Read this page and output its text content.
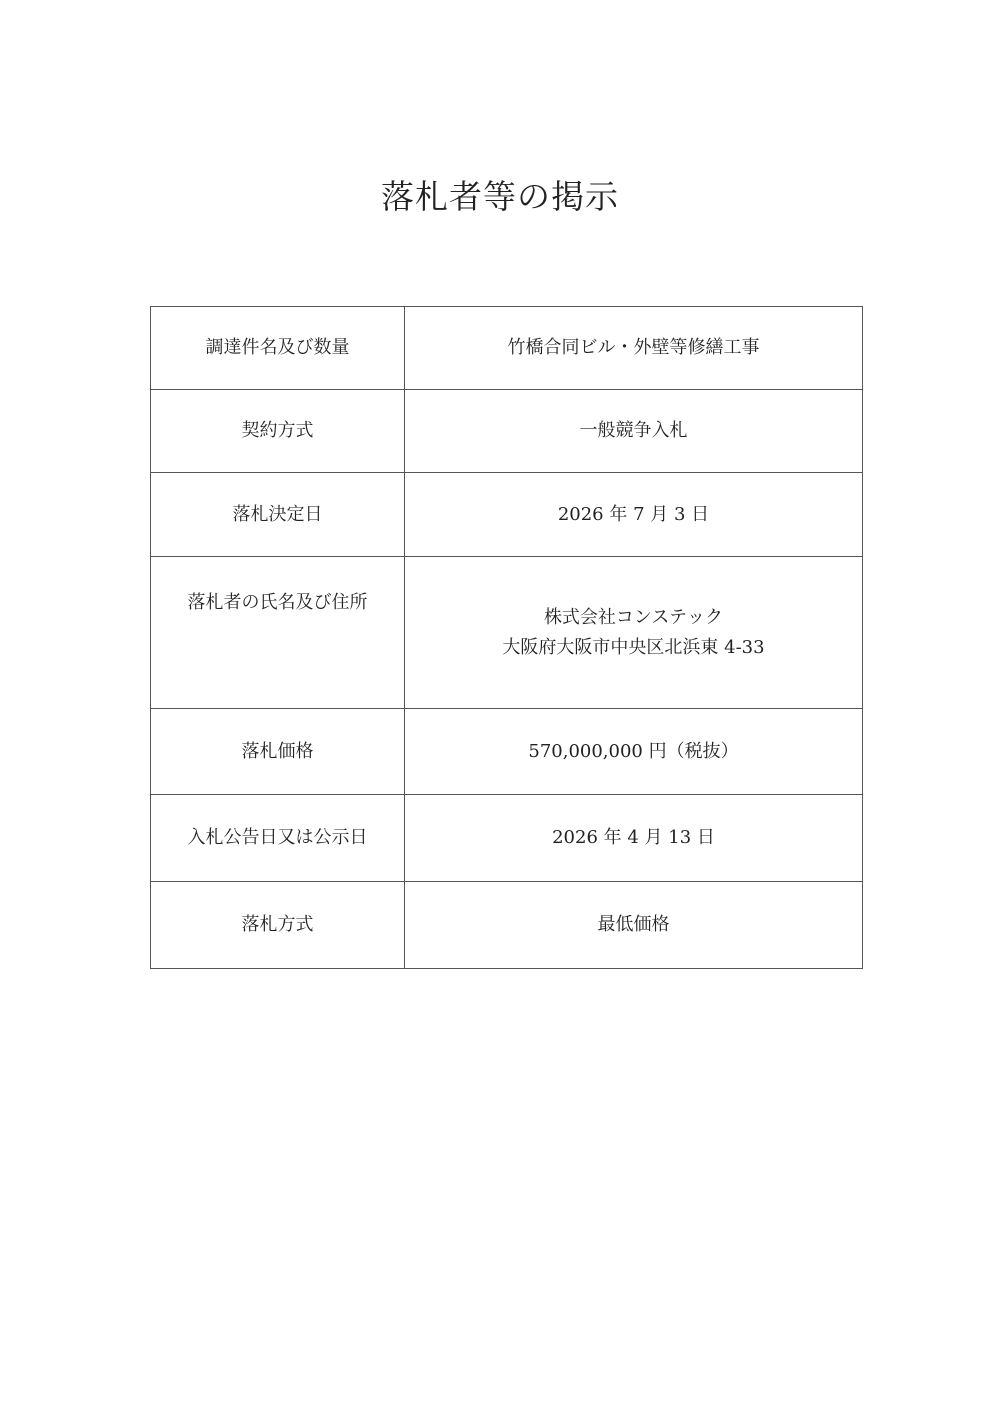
落札者等の掲示
調達件名及び数量	竹橋合同ビル・外壁等修繕工事

契約方式	一般競争入札

落札決定日	2026 年 7 月 3 日

落札者の氏名及び住所	株式会社コンステック
大阪府大阪市中央区北浜東 4-33

落札価格	570,000,000 円（税抜）

入札公告日又は公示日	2026 年 4 月 13 日

落札方式	最低価格
